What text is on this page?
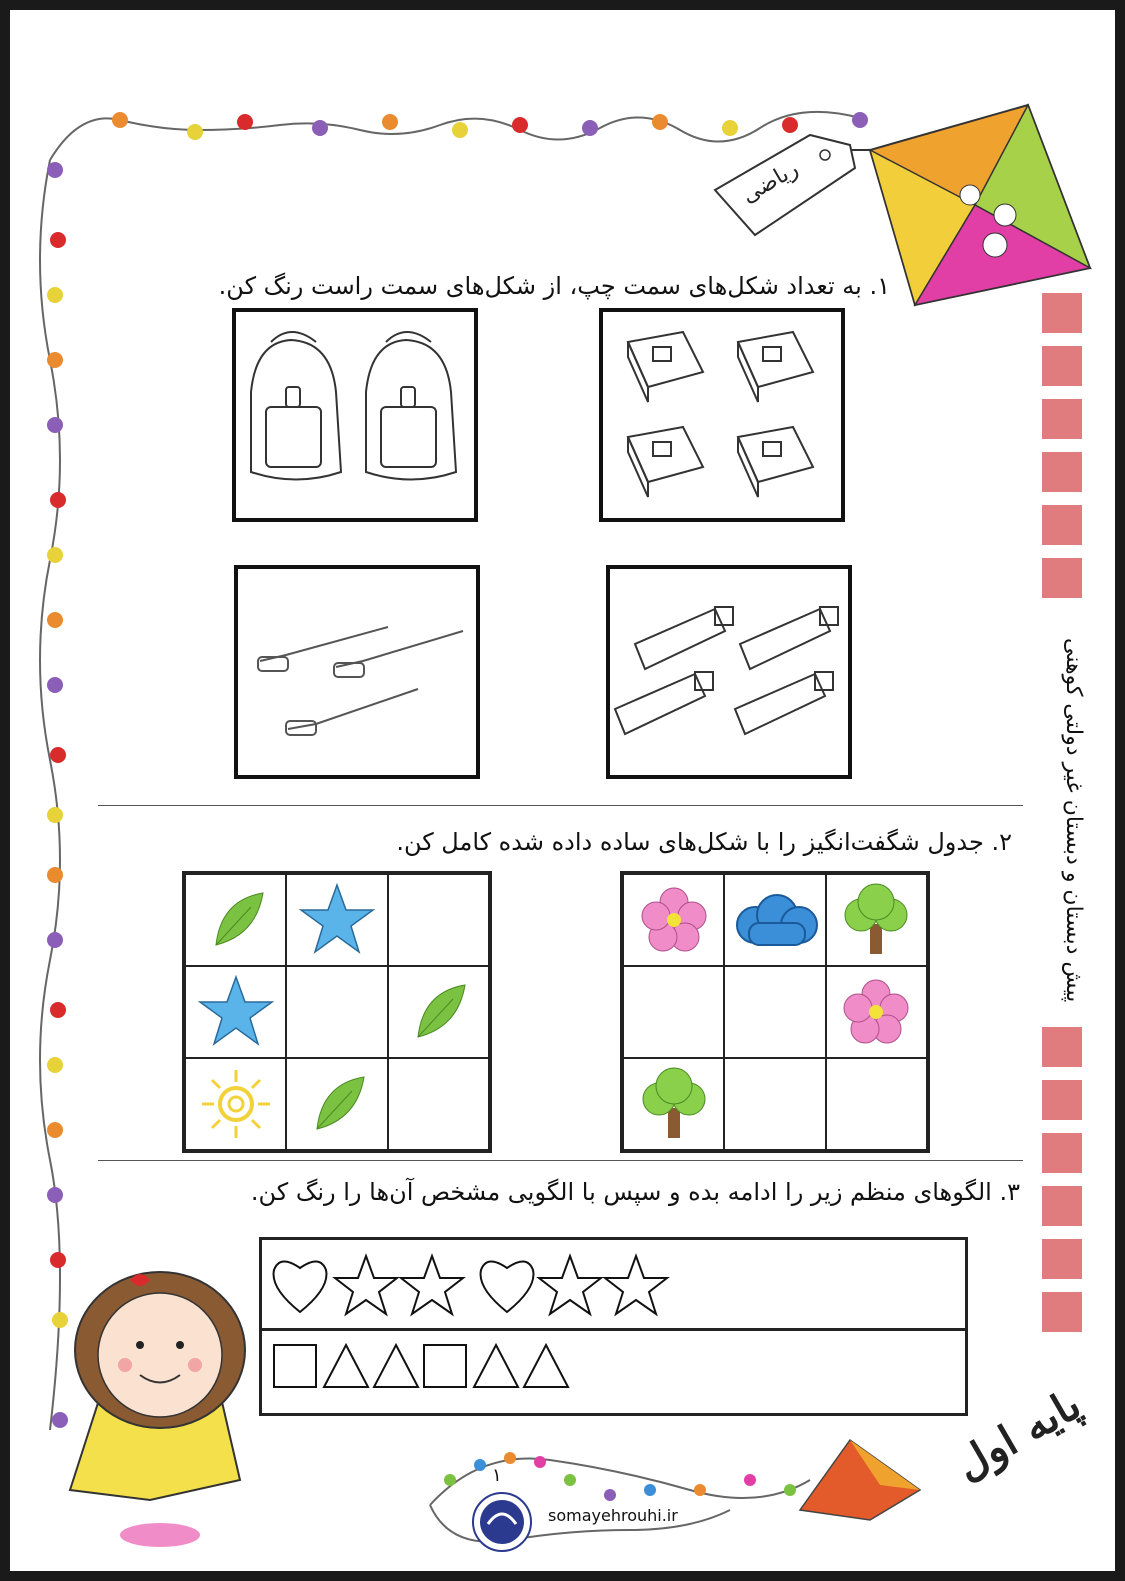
ریاضی
پیش دبستان و دبستان غیر دولتی کوهنی
پایه اول
۱. به تعداد شکل‌های سمت چپ، از شکل‌های سمت راست رنگ کن.
۲. جدول شگفت‌انگیز را با شکل‌های ساده داده شده کامل کن.
۳. الگوهای منظم زیر را ادامه بده و سپس با الگویی مشخص آن‌ها را رنگ کن.
۱
somayehrouhi.ir
